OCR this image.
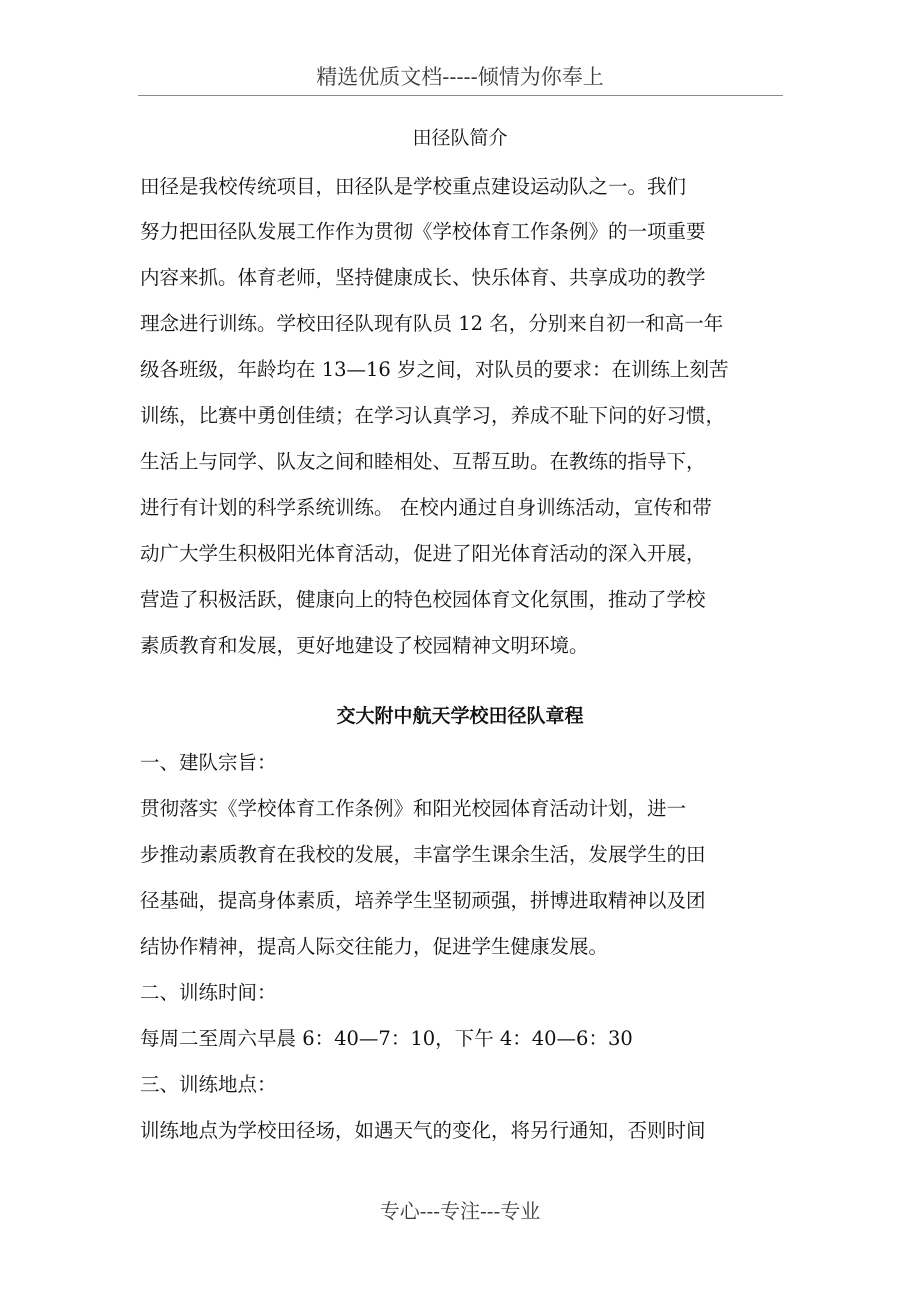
精选优质文档-----倾情为你奉上
田径队简介
田径是我校传统项目，田径队是学校重点建设运动队之一。我们
努力把田径队发展工作作为贯彻《学校体育工作条例》的一项重要
内容来抓。体育老师，坚持健康成长、快乐体育、共享成功的教学
理念进行训练。学校田径队现有队员 12 名，分别来自初一和高一年
级各班级，年龄均在 13—16 岁之间，对队员的要求：在训练上刻苦
训练，比赛中勇创佳绩；在学习认真学习，养成不耻下问的好习惯，
生活上与同学、队友之间和睦相处、互帮互助。在教练的指导下，
进行有计划的科学系统训练。 在校内通过自身训练活动，宣传和带
动广大学生积极阳光体育活动，促进了阳光体育活动的深入开展，
营造了积极活跃，健康向上的特色校园体育文化氛围，推动了学校
素质教育和发展，更好地建设了校园精神文明环境。
交大附中航天学校田径队章程
一、建队宗旨：
贯彻落实《学校体育工作条例》和阳光校园体育活动计划，进一
步推动素质教育在我校的发展，丰富学生课余生活，发展学生的田
径基础，提高身体素质，培养学生坚韧顽强，拼博进取精神以及团
结协作精神，提高人际交往能力，促进学生健康发展。
二、训练时间：
每周二至周六早晨 6：40—7：10，下午 4：40—6：30
三、训练地点：
训练地点为学校田径场，如遇天气的变化，将另行通知，否则时间
专心---专注---专业
